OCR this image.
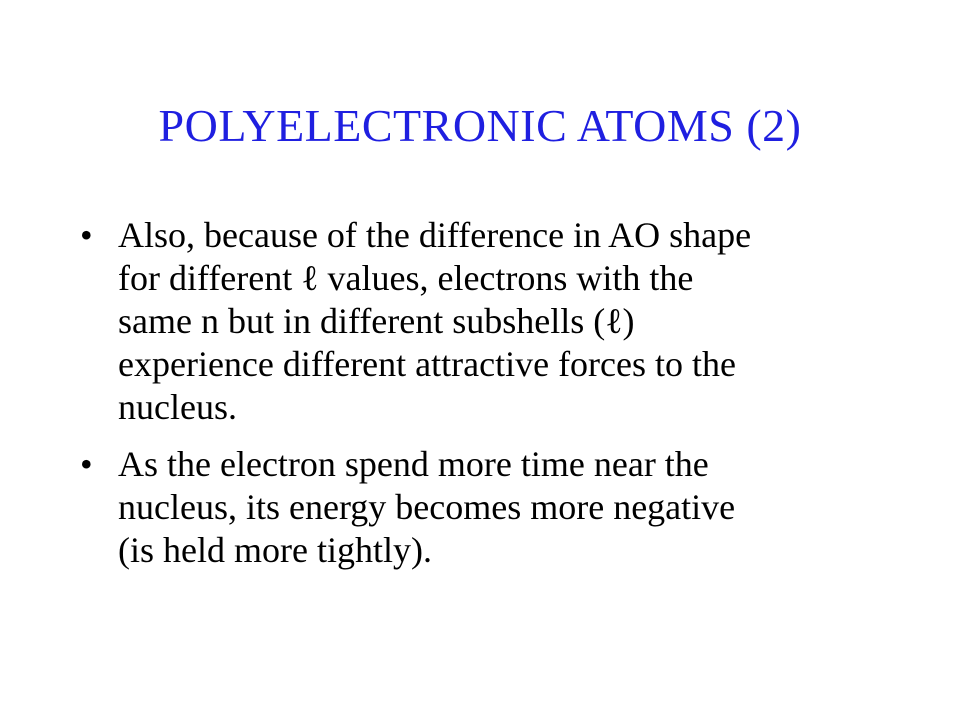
POLYELECTRONIC ATOMS (2)
• Also, because of the difference in AO shape
for different ℓ values, electrons with the
same n but in different subshells (ℓ)
experience different attractive forces to the
nucleus.
• As the electron spend more time near the
nucleus, its energy becomes more negative
(is held more tightly).
